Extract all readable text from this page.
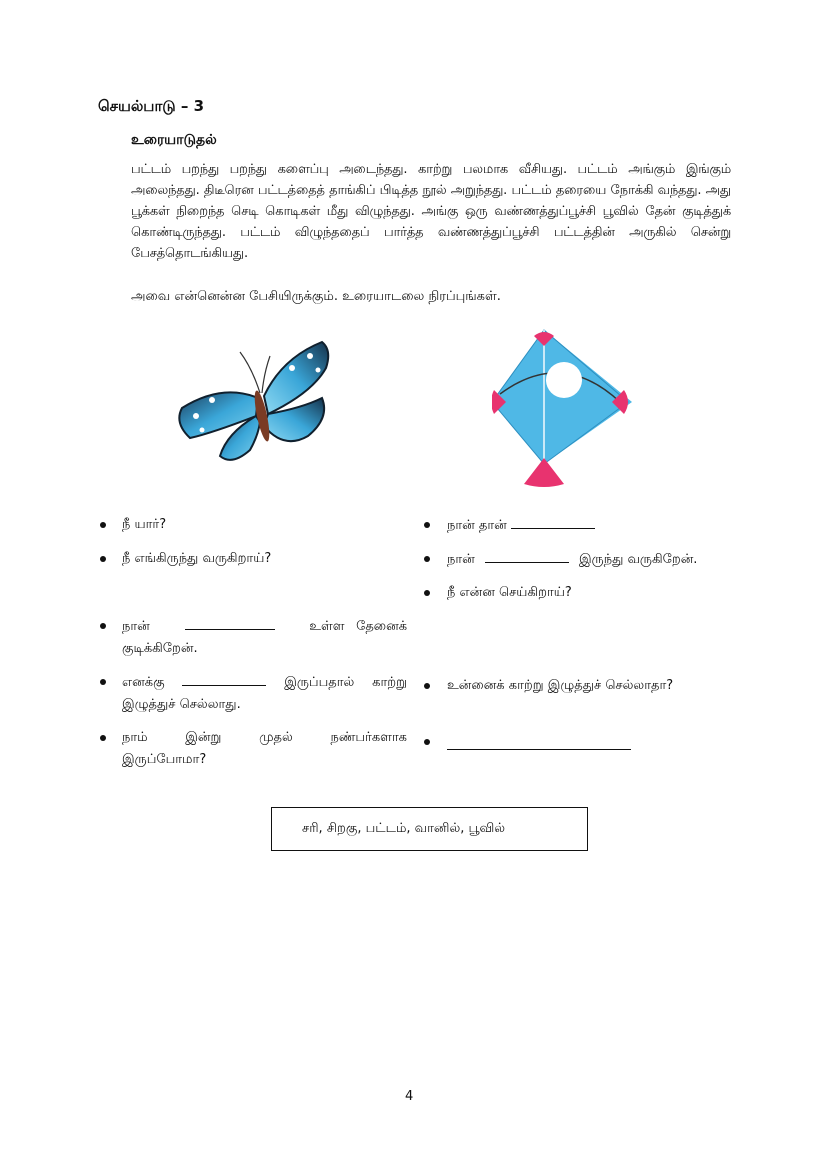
செயல்பாடு – 3
உரையாடுதல்
பட்டம் பறந்து பறந்து களைப்பு அடைந்தது. காற்று பலமாக வீசியது. பட்டம் அங்கும் இங்கும் அலைந்தது. திடீரென பட்டத்தைத் தாங்கிப் பிடித்த நூல் அறுந்தது. பட்டம் தரையை நோக்கி வந்தது. அது பூக்கள் நிறைந்த செடி கொடிகள் மீது விழுந்தது. அங்கு ஒரு வண்ணத்துப்பூச்சி பூவில் தேன் குடித்துக் கொண்டிருந்தது. பட்டம் விழுந்ததைப் பார்த்த வண்ணத்துப்பூச்சி பட்டத்தின் அருகில் சென்று பேசத்தொடங்கியது.
அவை என்னென்ன பேசியிருக்கும். உரையாடலை நிரப்புங்கள்.
நீ யார்?	நான் தான்
நீ எங்கிருந்து வருகிறாய்?	நான்	இருந்து வருகிறேன்.
நீ என்ன செய்கிறாய்?
நான்	உள்ள தேனைக்
குடிக்கிறேன்.
எனக்கு	இருப்பதால் காற்று
இழுத்துச் செல்லாது.
உன்னைக் காற்று இழுத்துச் செல்லாதா?
நாம் இன்று முதல் நண்பர்களாக
இருப்போமா?
சரி, சிறகு, பட்டம், வானில், பூவில்
4
